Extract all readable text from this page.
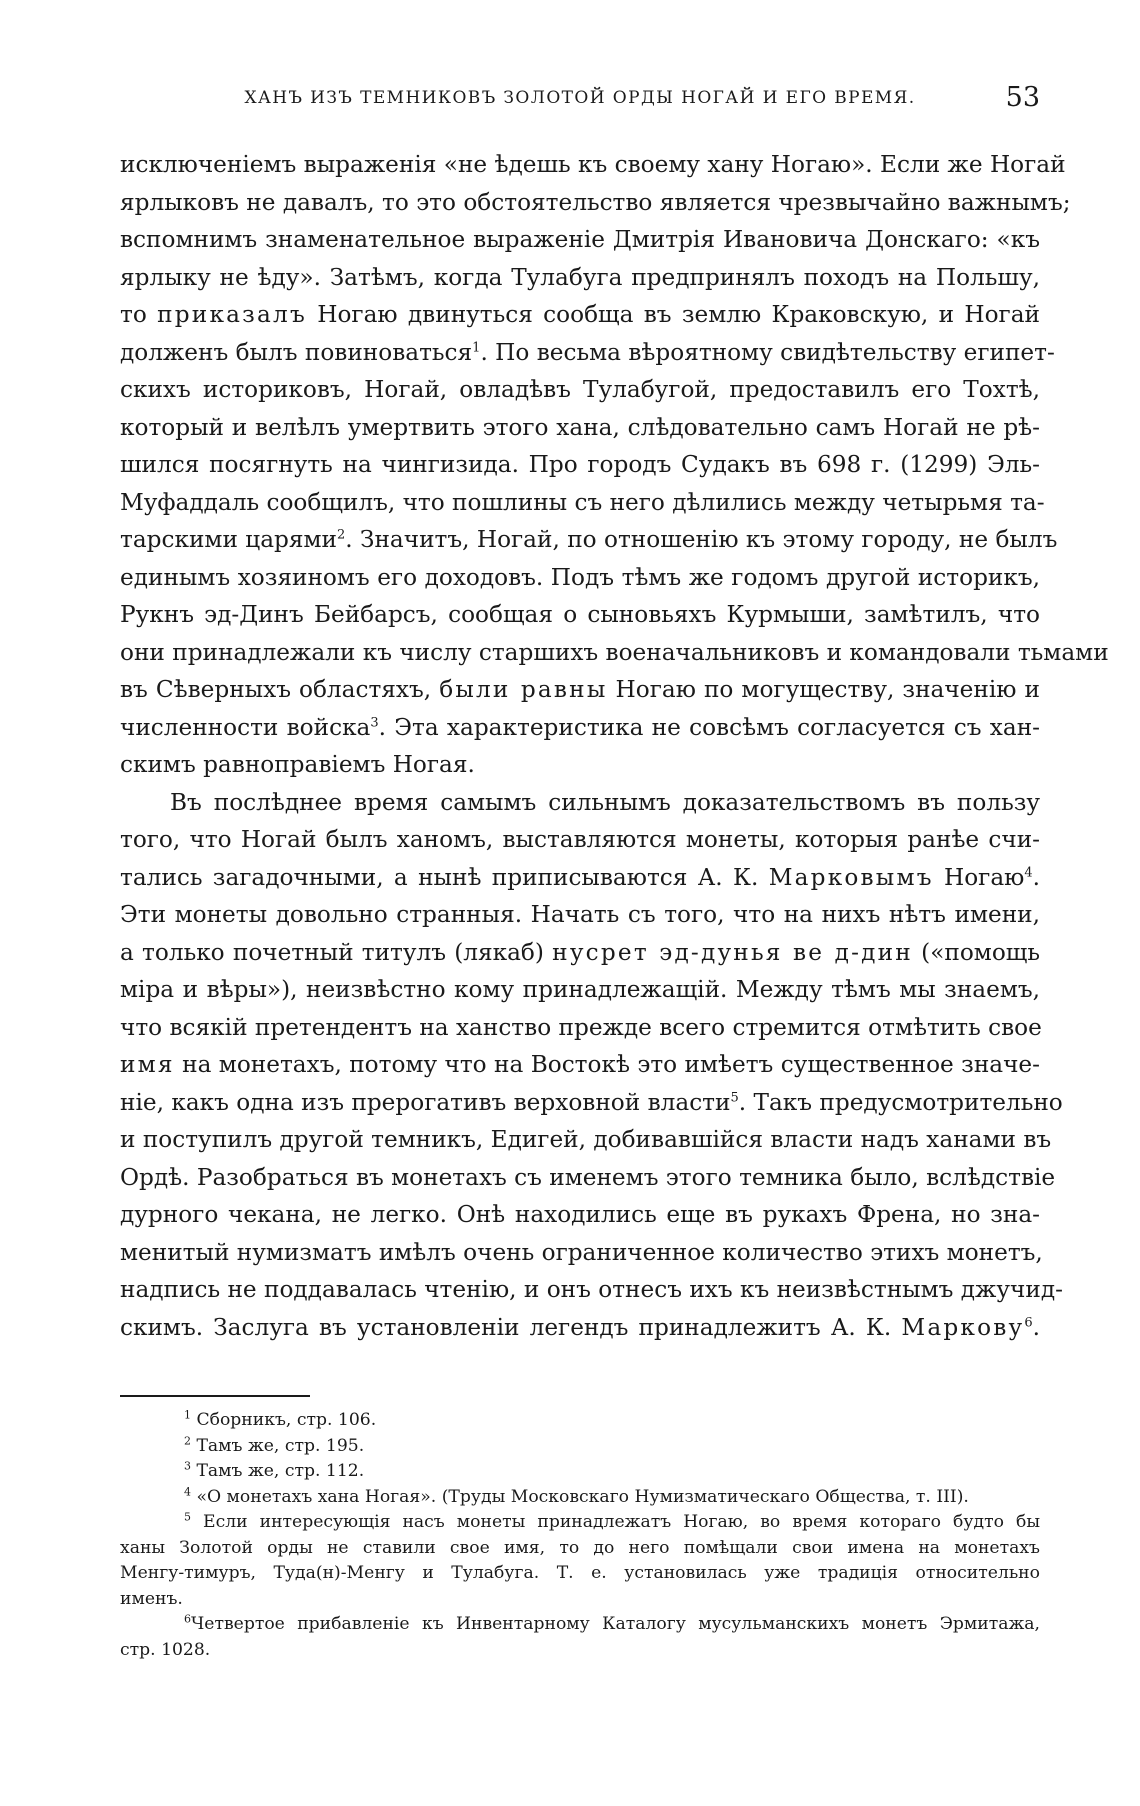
ХАНЪ ИЗЪ ТЕМНИКОВЪ ЗОЛОТОЙ ОРДЫ НОГАЙ И ЕГО ВРЕМЯ.	53
исключеніемъ выраженія «не ѣдешь къ своему хану Ногаю». Если же Ногай
ярлыковъ не давалъ, то это обстоятельство является чрезвычайно важнымъ;
вспомнимъ знаменательное выраженіе Дмитрія Ивановича Донскаго: «къ
ярлыку не ѣду». Затѣмъ, когда Тулабуга предпринялъ походъ на Польшу,
то приказалъ Ногаю двинуться сообща въ землю Краковскую, и Ногай
долженъ былъ повиноваться$^1$. По весьма вѣроятному свидѣтельству египет-
скихъ историковъ, Ногай, овладѣвъ Тулабугой, предоставилъ его Тохтѣ,
который и велѣлъ умертвить этого хана, слѣдовательно самъ Ногай не рѣ-
шился посягнуть на чингизида. Про городъ Судакъ въ 698 г. (1299) Эль-
Муфаддаль сообщилъ, что пошлины съ него дѣлились между четырьмя та-
тарскими царями$^2$. Значитъ, Ногай, по отношенію къ этому городу, не былъ
единымъ хозяиномъ его доходовъ. Подъ тѣмъ же годомъ другой историкъ,
Рукнъ эд-Динъ Бейбарсъ, сообщая о сыновьяхъ Курмыши, замѣтилъ, что
они принадлежали къ числу старшихъ военачальниковъ и командовали тьмами
въ Сѣверныхъ областяхъ, были равны Ногаю по могуществу, значенію и
численности войска$^3$. Эта характеристика не совсѣмъ согласуется съ хан-
скимъ равноправіемъ Ногая.
Въ послѣднее время самымъ сильнымъ доказательствомъ въ пользу
того, что Ногай былъ ханомъ, выставляются монеты, которыя ранѣе счи-
тались загадочными, а нынѣ приписываются А. К. Марковымъ Ногаю$^4$.
Эти монеты довольно странныя. Начать съ того, что на нихъ нѣтъ имени,
а только почетный титулъ (лякаб) нусрет эд-дунья ве д-дин («помощь
міра и вѣры»), неизвѣстно кому принадлежащій. Между тѣмъ мы знаемъ,
что всякій претендентъ на ханство прежде всего стремится отмѣтить свое
имя на монетахъ, потому что на Востокѣ это имѣетъ существенное значе-
ніе, какъ одна изъ прерогативъ верховной власти$^5$. Такъ предусмотрительно
и поступилъ другой темникъ, Едигей, добивавшійся власти надъ ханами въ
Ордѣ. Разобраться въ монетахъ съ именемъ этого темника было, вслѣдствіе
дурного чекана, не легко. Онѣ находились еще въ рукахъ Френа, но зна-
менитый нумизматъ имѣлъ очень ограниченное количество этихъ монетъ,
надпись не поддавалась чтенію, и онъ отнесъ ихъ къ неизвѣстнымъ джучид-
скимъ. Заслуга въ установленіи легендъ принадлежитъ А. К. Маркову$^6$.
$^1$ Сборникъ, стр. 106.
$^2$ Тамъ же, стр. 195.
$^3$ Тамъ же, стр. 112.
$^4$ «О монетахъ хана Ногая». (Труды Московскаго Нумизматическаго Общества, т. III).
$^5$ Если интересующія насъ монеты принадлежатъ Ногаю, во время котораго будто бы
ханы Золотой орды не ставили свое имя, то до него помѣщали свои имена на монетахъ
Менгу-тимуръ, Туда(н)-Менгу и Тулабуга. Т. е. установилась уже традиція относительно
именъ.
$^6$Четвертое прибавленіе къ Инвентарному Каталогу мусульманскихъ монетъ Эрмитажа,
стр. 1028.
